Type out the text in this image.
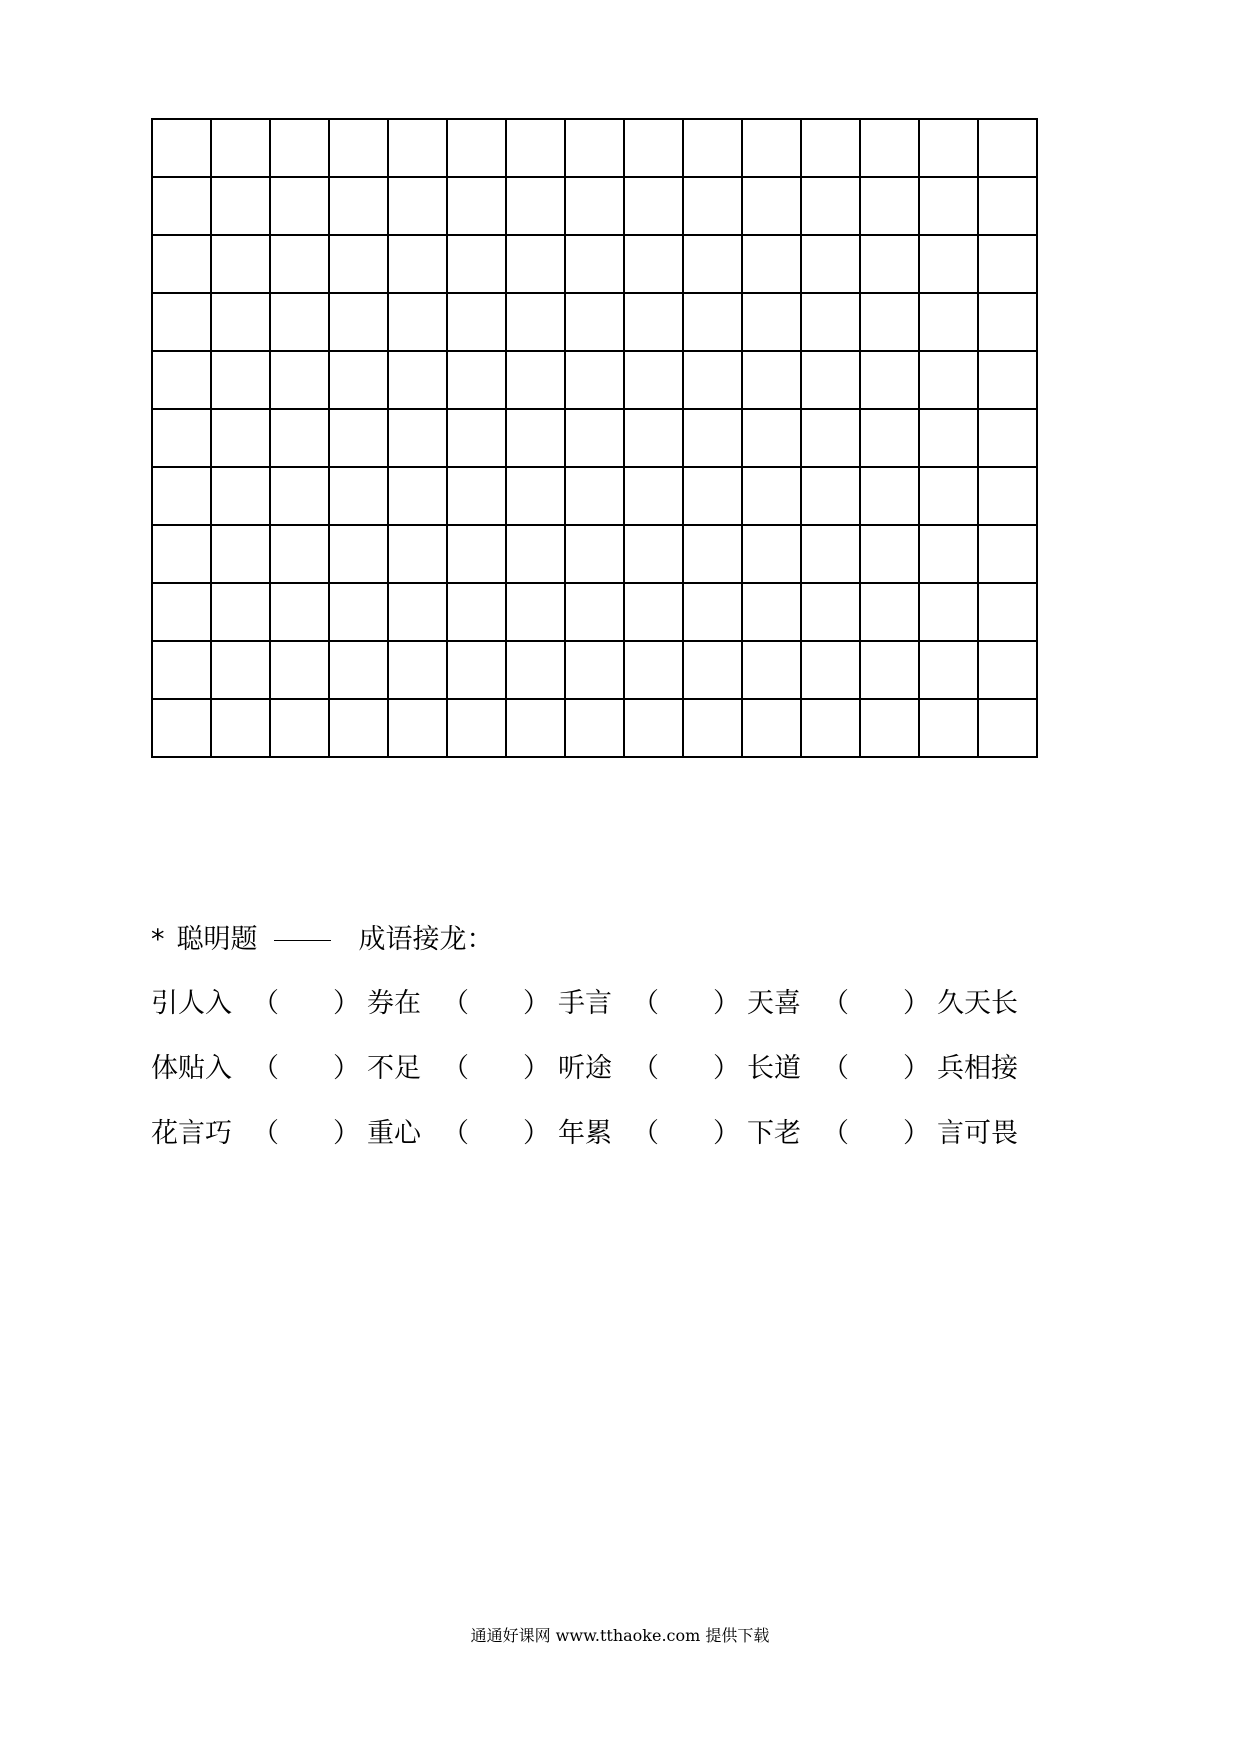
* 聪明题	成语接龙：
引人入 （ ） 券在 （ ） 手言 （ ） 天喜 （ ） 久天长
体贴入 （ ） 不足 （ ） 听途 （ ） 长道 （ ） 兵相接
花言巧 （ ） 重心 （ ） 年累 （ ） 下老 （ ） 言可畏
通通好课网 www.tthaoke.com 提供下载
